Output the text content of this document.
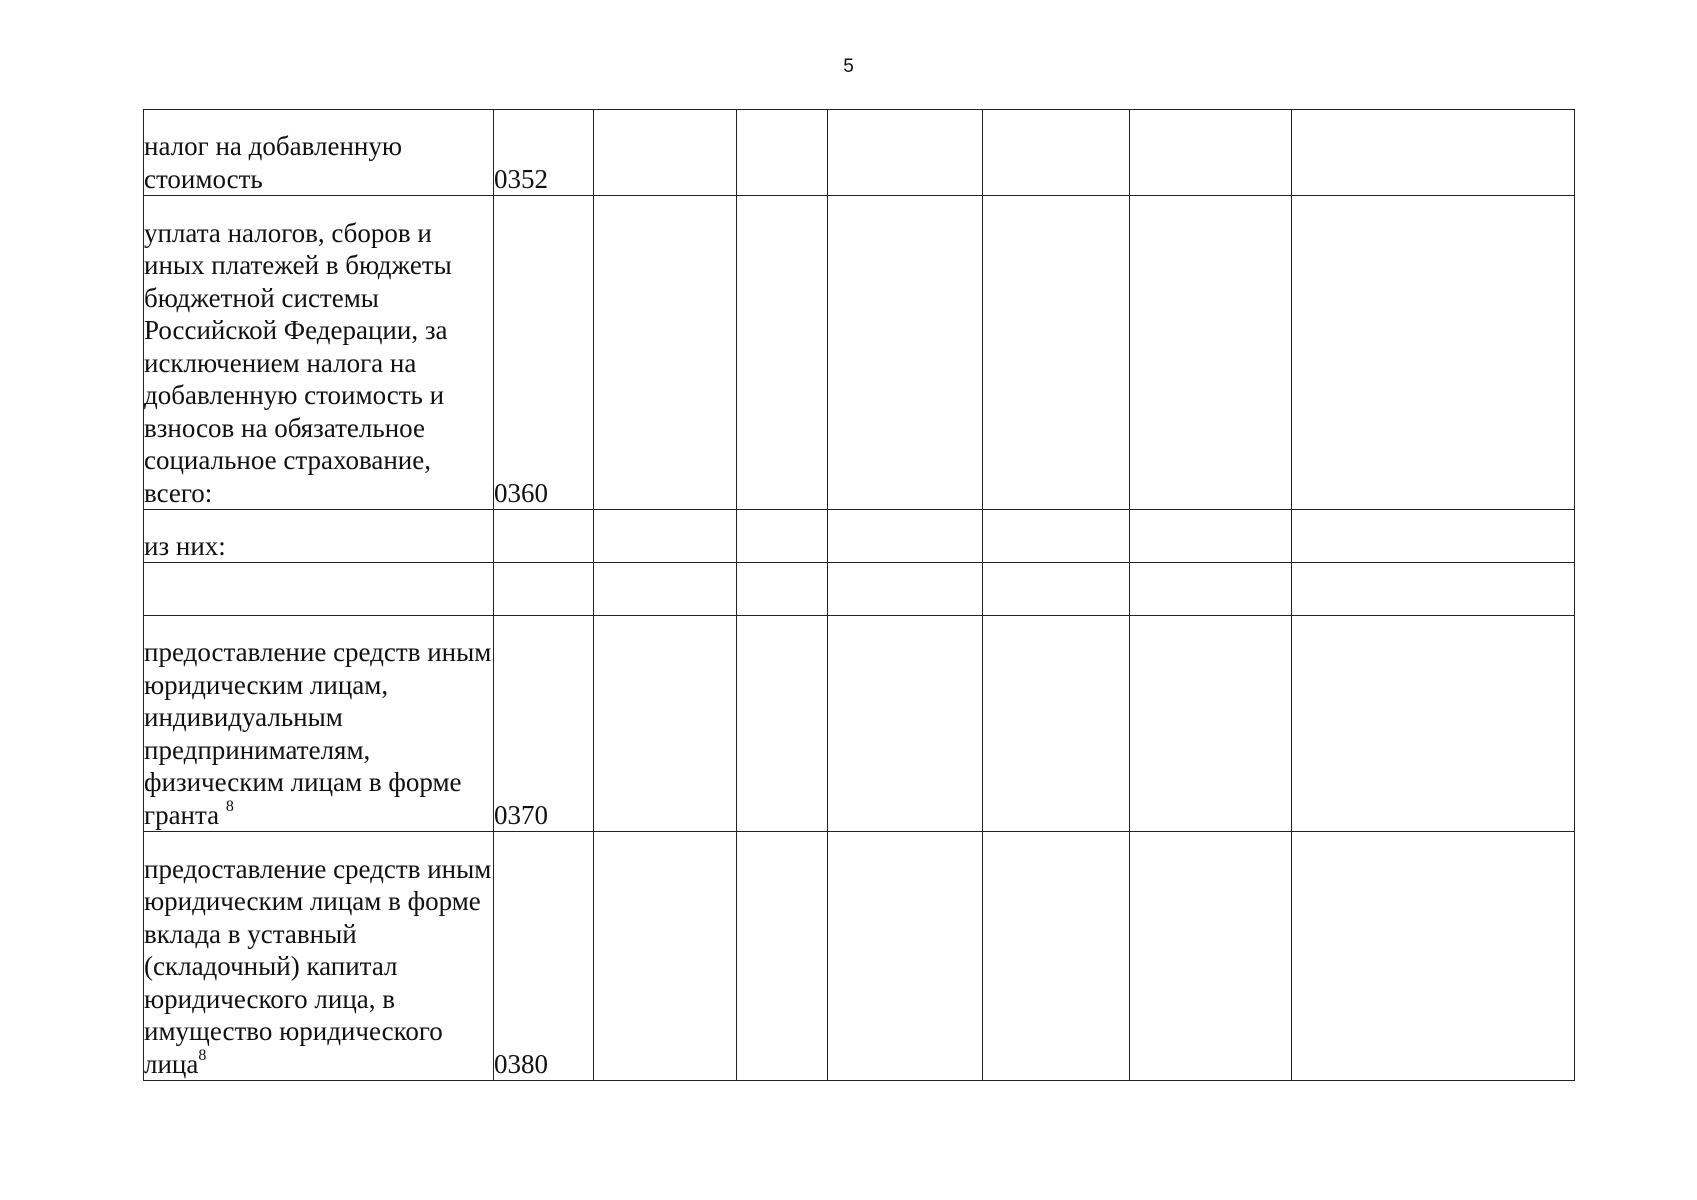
5
налог на добавленную стоимость	0352						
уплата налогов, сборов и иных платежей в бюджеты бюджетной системы Российской Федерации, за исключением налога на добавленную стоимость и взносов на обязательное социальное страхование, всего:	0360						
из них:							

предоставление средств иным юридическим лицам, индивидуальным предпринимателям, физическим лицам в форме гранта $^8$	0370						
предоставление средств иным юридическим лицам в форме вклада в уставный (складочный) капитал юридического лица, в имущество юридического лица$^8$	0380						
